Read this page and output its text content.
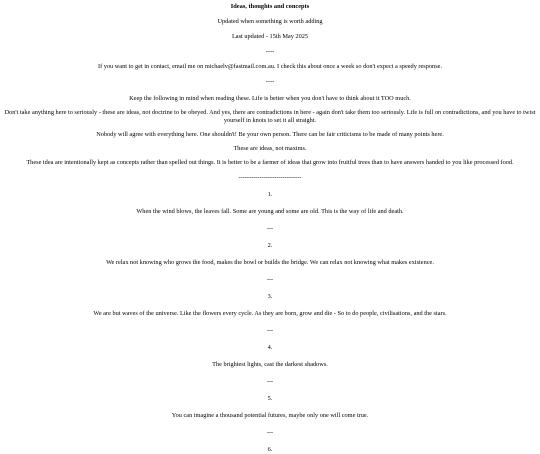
Ideas, thoughts and concepts

Updated when something is worth adding

Last updated - 15th May 2025

----

If you want to get in contact, email me on michaelv@fastmail.com.au. I check this about once a week so don't expect a speedy response.

----

Keep the following in mind when reading these. Life is better when you don't have to think about it TOO much.

Don't take anything here to seriously - these are ideas, not doctrine to be obeyed. And yes, there are contradictions in here - again don't take them too seriously. Life is full on contradictions, and you have to twist yourself in knots to set it all straight.

Nobody will agree with everything here. One shouldn't! Be your own person. There can be fair criticisms to be made of many points here.

These are ideas, not maxims.

These idea are intentionally kept as concepts rather than spelled out things. It is better to be a farmer of ideas that grow into fruitful trees than to have answers handed to you like processed food.

------------------------------

1.

When the wind blows, the leaves fall. Some are young and some are old. This is the way of life and death.

---

2.

We relax not knowing who grows the food, makes the bowl or builds the bridge. We can relax not knowing what makes existence.

---

3.

We are but waves of the universe. Like the flowers every cycle. As they are born, grow and die - So to do people, civilisations, and the stars.

---

4.

The brightest lights, cast the darkest shadows.

---

5.

You can imagine a thousand potential futures, maybe only one will come true.

---

6.
